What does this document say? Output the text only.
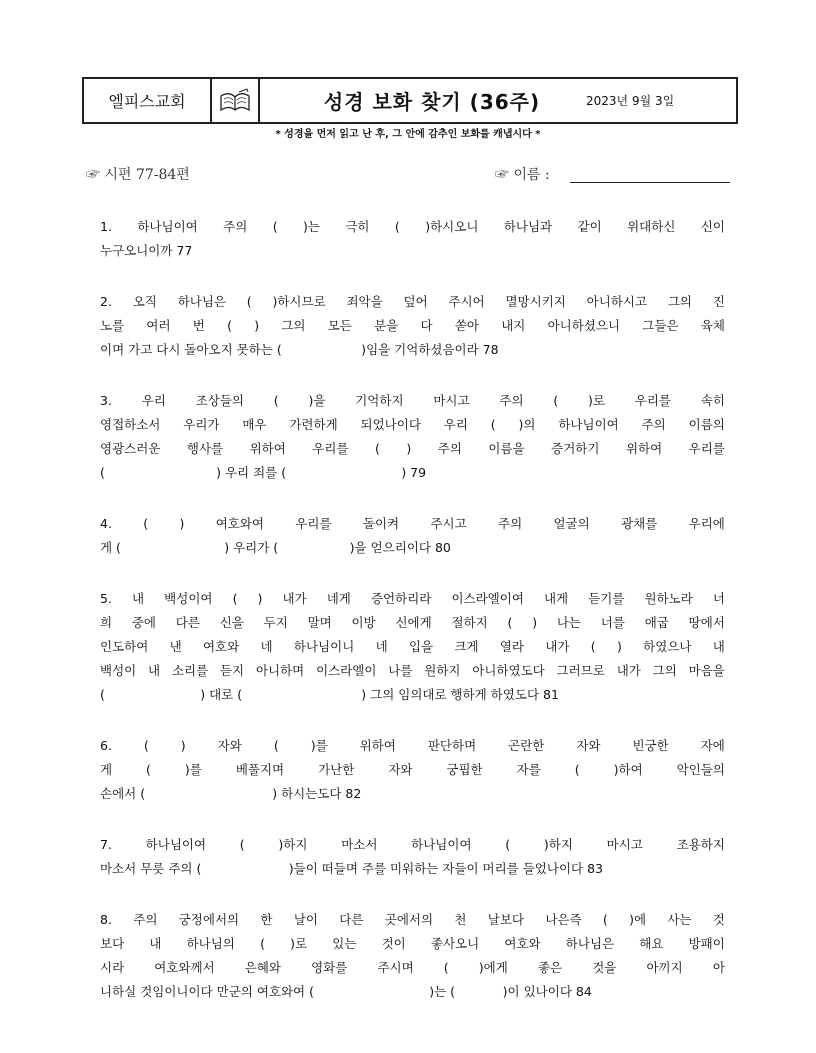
엘피스교회	성경 보화 찾기 (36주)	2023년 9월 3일
* 성경을 먼저 읽고 난 후, 그 안에 감추인 보화를 캐냅시다 *
☞ 시편 77-84편	☞ 이름 :
1. 하나님이여 주의 ( )는 극히 ( )하시오니 하나님과 같이 위대하신 신이
누구오니이까 77
2. 오직 하나님은 ( )하시므로 죄악을 덮어 주시어 멸망시키지 아니하시고 그의 진
노를 여러 번 ( ) 그의 모든 분을 다 쏟아 내지 아니하셨으니 그들은 육체
이며 가고 다시 돌아오지 못하는 (                    )임을 기억하셨음이라 78
3. 우리 조상들의 ( )을 기억하지 마시고 주의 ( )로 우리를 속히
영접하소서 우리가 매우 가련하게 되었나이다 우리 ( )의 하나님이여 주의 이름의
영광스러운 행사를 위하여 우리를 ( ) 주의 이름을 증거하기 위하여 우리를
(                            ) 우리 죄를 (                             ) 79
4.	(	)	여호와여	우리를	돌이켜	주시고	주의	얼굴의	광채를	우리에
게 (                          ) 우리가 (                  )을 얻으리이다 80
5. 내 백성이여 ( ) 내가 네게 증언하리라 이스라엘이여 내게 듣기를 원하노라 너
희 중에 다른 신을 두지 말며 이방 신에게 절하지 ( ) 나는 너를 애굽 땅에서
인도하여 낸 여호와 네 하나님이니 네 입을 크게 열라 내가 ( ) 하였으나 내
백성이 내 소리를 듣지 아니하며 이스라엘이 나를 원하지 아니하였도다 그러므로 내가 그의 마음을
(                        ) 대로 (                              ) 그의 임의대로 행하게 하였도다 81
6.	(	)	자와	(	)를	위하여	판단하며	곤란한	자와	빈궁한	자에
게	(	)를	베풀지며	가난한	자와	궁핍한	자를	(	)하여	악인들의
손에서 (                                ) 하시는도다 82
7.	하나님이여	(	)하지	마소서	하나님이여	(	)하지	마시고	조용하지
마소서 무릇 주의 (                      )들이 떠들며 주를 미워하는 자들이 머리를 들었나이다 83
8. 주의 궁정에서의 한 날이 다른 곳에서의 천 날보다 나은즉 ( )에 사는 것
보다 내 하나님의 ( )로 있는 것이 좋사오니 여호와 하나님은 해요 방패이
시라 여호와께서 은혜와 영화를 주시며 ( )에게 좋은 것을 아끼지 아
니하실 것임이니이다 만군의 여호와여 (                             )는 (            )이 있나이다 84
